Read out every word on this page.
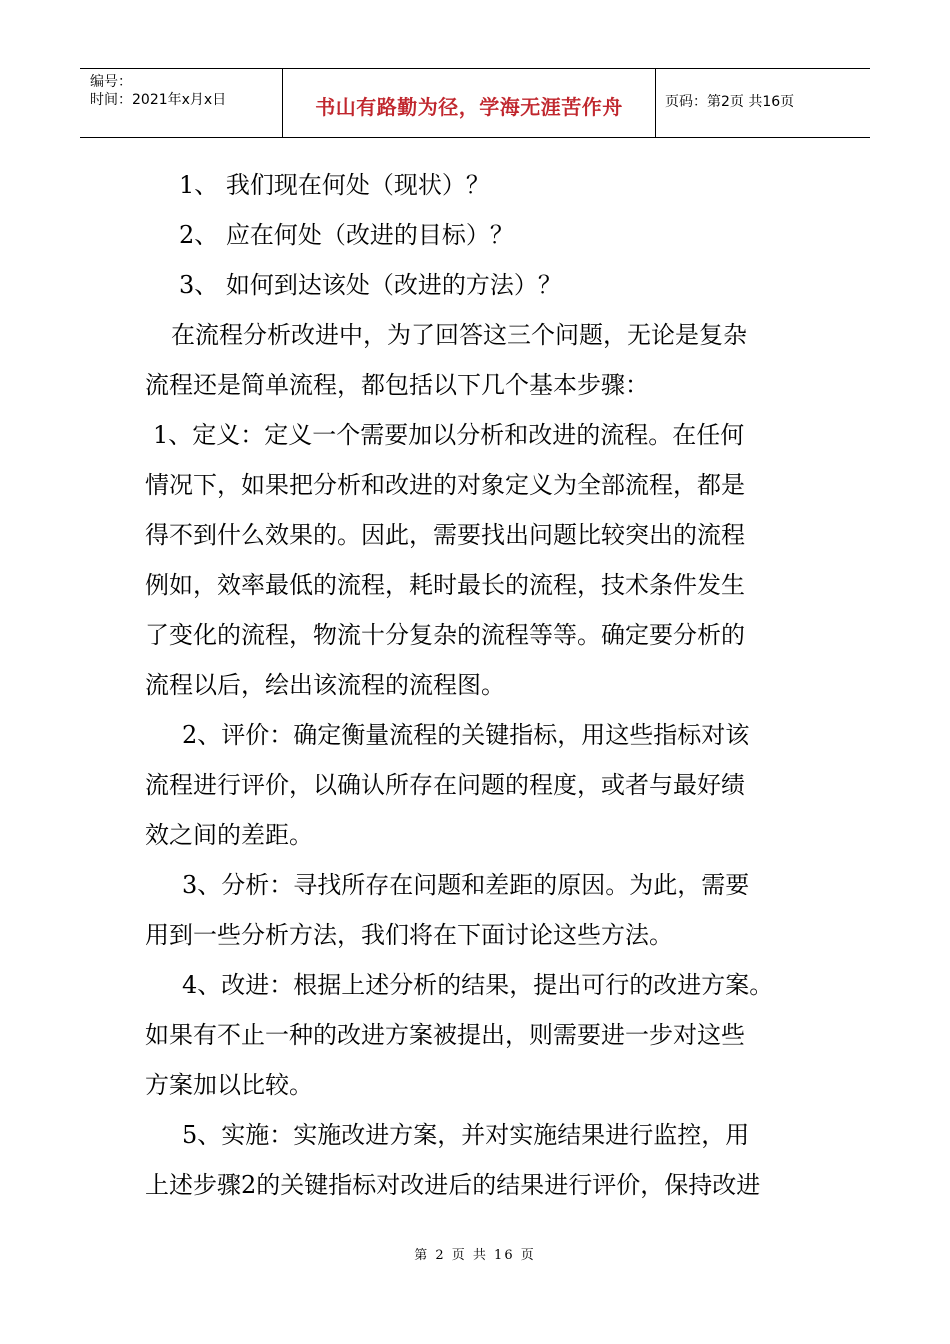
编号：
时间：2021年x月x日	书山有路勤为径，学海无涯苦作舟	页码：第2页 共16页
1、 我们现在何处（现状）？
2、 应在何处（改进的目标）？
3、 如何到达该处（改进的方法）？
在流程分析改进中，为了回答这三个问题，无论是复杂
流程还是简单流程，都包括以下几个基本步骤：
1、定义：定义一个需要加以分析和改进的流程。在任何
情况下，如果把分析和改进的对象定义为全部流程，都是
得不到什么效果的。因此，需要找出问题比较突出的流程
例如，效率最低的流程，耗时最长的流程，技术条件发生
了变化的流程，物流十分复杂的流程等等。确定要分析的
流程以后，绘出该流程的流程图。
2、评价：确定衡量流程的关键指标，用这些指标对该
流程进行评价，以确认所存在问题的程度，或者与最好绩
效之间的差距。
3、分析：寻找所存在问题和差距的原因。为此，需要
用到一些分析方法，我们将在下面讨论这些方法。
4、改进：根据上述分析的结果，提出可行的改进方案。
如果有不止一种的改进方案被提出，则需要进一步对这些
方案加以比较。
5、实施：实施改进方案，并对实施结果进行监控，用
上述步骤2的关键指标对改进后的结果进行评价，保持改进
第 2 页 共 16 页
